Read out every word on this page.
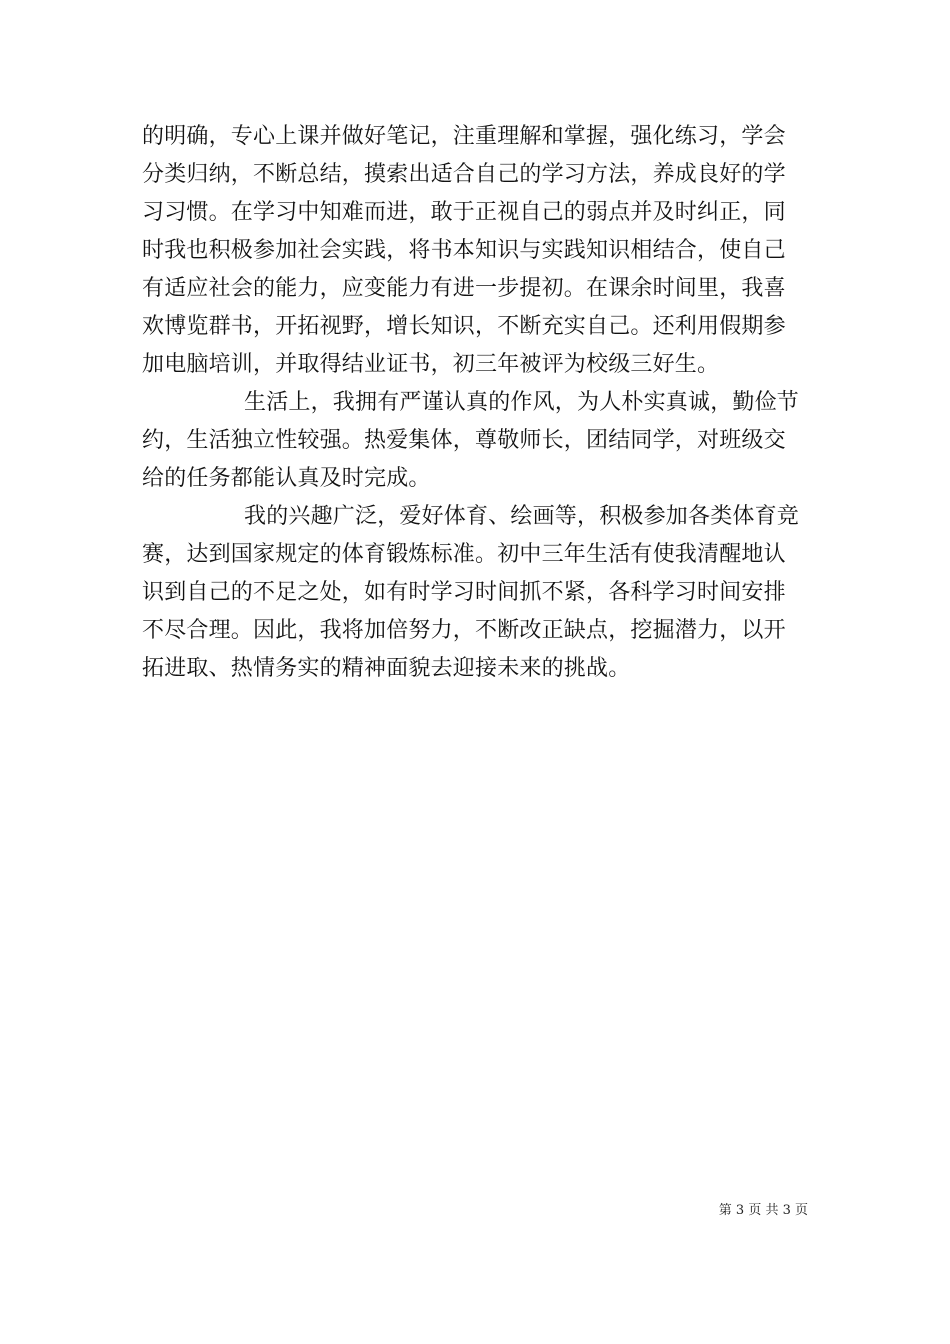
的明确，专心上课并做好笔记，注重理解和掌握，强化练习，学会
分类归纳，不断总结，摸索出适合自己的学习方法，养成良好的学
习习惯。在学习中知难而进，敢于正视自己的弱点并及时纠正，同
时我也积极参加社会实践，将书本知识与实践知识相结合，使自己
有适应社会的能力，应变能力有进一步提初。在课余时间里，我喜
欢博览群书，开拓视野，增长知识，不断充实自己。还利用假期参
加电脑培训，并取得结业证书，初三年被评为校级三好生。
生活上，我拥有严谨认真的作风，为人朴实真诚，勤俭节
约，生活独立性较强。热爱集体，尊敬师长，团结同学，对班级交
给的任务都能认真及时完成。
我的兴趣广泛，爱好体育、绘画等，积极参加各类体育竞
赛，达到国家规定的体育锻炼标准。初中三年生活有使我清醒地认
识到自己的不足之处，如有时学习时间抓不紧，各科学习时间安排
不尽合理。因此，我将加倍努力，不断改正缺点，挖掘潜力，以开
拓进取、热情务实的精神面貌去迎接未来的挑战。
第 3 页 共 3 页
